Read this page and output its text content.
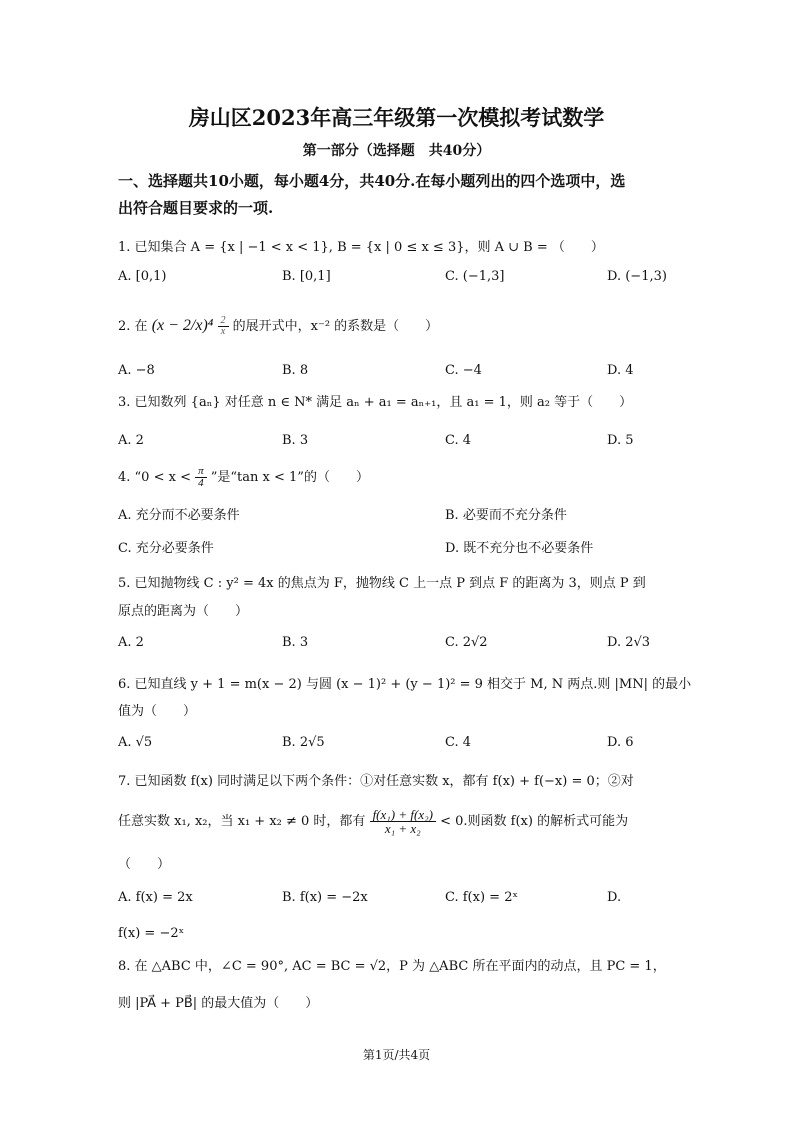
房山区2023年高三年级第一次模拟考试数学
第一部分（选择题　共40分）
一、选择题共10小题，每小题4分，共40分.在每小题列出的四个选项中，选
出符合题目要求的一项.
1. 已知集合 A = {x | −1 < x < 1}, B = {x | 0 ≤ x ≤ 3}，则 A ∪ B = （　　）
A. [0,1)	B. [0,1]	C. (−1,3]	D. (−1,3)
2. 在 $(x - 2/x)^4 \frac{2}{x}$ 的展开式中，x⁻² 的系数是（　　）
A. −8	B. 8	C. −4	D. 4
3. 已知数列 {aₙ} 对任意 n ∈ N* 满足 aₙ + a₁ = aₙ₊₁，且 a₁ = 1，则 a₂ 等于（　　）
A. 2	B. 3	C. 4	D. 5
4. “$0 < x < \frac{\pi}{4}$ ”是“tan x < 1”的（　　）
A. 充分而不必要条件	B. 必要而不充分条件
C. 充分必要条件	D. 既不充分也不必要条件
5. 已知抛物线 C : y² = 4x 的焦点为 F，抛物线 C 上一点 P 到点 F 的距离为 3，则点 P 到
原点的距离为（　　）
A. 2	B. 3	C. 2√2	D. 2√3
6. 已知直线 y + 1 = m(x − 2) 与圆 (x − 1)² + (y − 1)² = 9 相交于 M, N 两点.则 |MN| 的最小
值为（　　）
A. √5	B. 2√5	C. 4	D. 6
7. 已知函数 f(x) 同时满足以下两个条件：①对任意实数 x，都有 f(x) + f(−x) = 0；②对
任意实数 x₁, x₂，当 x₁ + x₂ ≠ 0 时，都有 $\frac{\text{f(x₁) + f(x₂)}}{\text{x₁ + x₂}} < 0$.则函数 f(x) 的解析式可能为
（　　）
A. f(x) = 2x	B. f(x) = −2x	C. f(x) = 2ˣ	D.
f(x) = −2ˣ
8. 在 △ABC 中，∠C = 90°, AC = BC = √2，P 为 △ABC 所在平面内的动点，且 PC = 1，
则 |PA⃗ + PB⃗| 的最大值为（　　）
第1页/共4页
